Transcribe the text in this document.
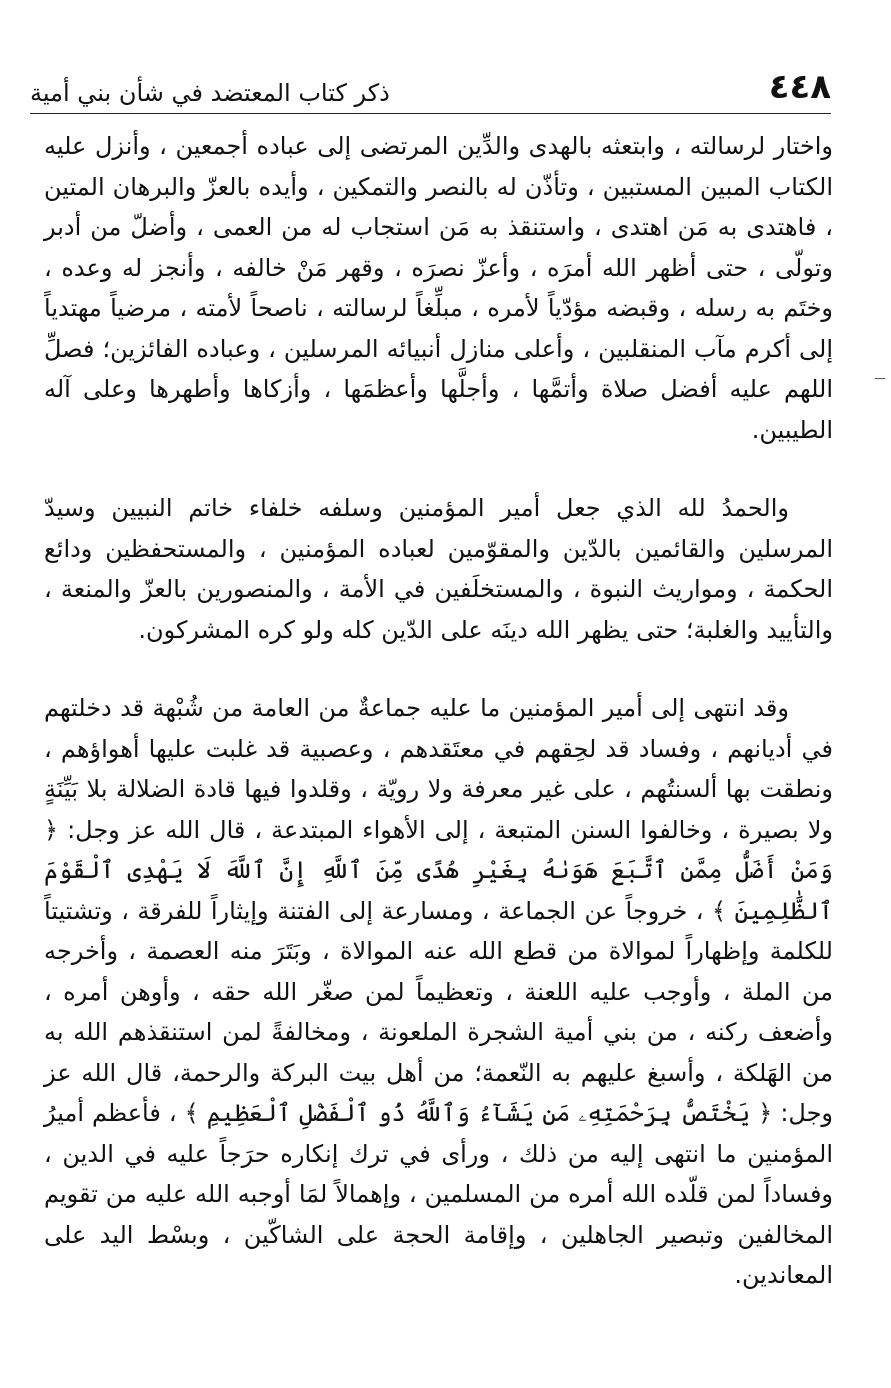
٤٤٨
ذكر كتاب المعتضد في شأن بني أمية

واختار لرسالته ، وابتعثه بالهدى والدِّين المرتضى إلى عباده أجمعين ، وأنزل عليه الكتاب المبين المستبين ، وتأذّن له بالنصر والتمكين ، وأيده بالعزّ والبرهان المتين ، فاهتدى به مَن اهتدى ، واستنقذ به مَن استجاب له من العمى ، وأضلّ من أدبر وتولّى ، حتى أظهر الله أمرَه ، وأعزّ نصرَه ، وقهر مَنْ خالفه ، وأنجز له وعده ، وختَم به رسله ، وقبضه مؤدّياً لأمره ، مبلِّغاً لرسالته ، ناصحاً لأمته ، مرضياً مهتدياً إلى أكرم مآب المنقلبين ، وأعلى منازل أنبيائه المرسلين ، وعباده الفائزين؛ فصلِّ اللهم عليه أفضل صلاة وأتمَّها ، وأجلَّها وأعظمَها ، وأزكاها وأطهرها وعلى آله الطيبين.

والحمدُ لله الذي جعل أمير المؤمنين وسلفه خلفاء خاتم النبيين وسيدّ المرسلين والقائمين بالدّين والمقوّمين لعباده المؤمنين ، والمستحفظين ودائع الحكمة ، ومواريث النبوة ، والمستخلَفين في الأمة ، والمنصورين بالعزّ والمنعة ، والتأييد والغلبة؛ حتى يظهر الله دينَه على الدّين كله ولو كره المشركون.

وقد انتهى إلى أمير المؤمنين ما عليه جماعةٌ من العامة من شُبْهة قد دخلتهم في أديانهم ، وفساد قد لحِقهم في معتَقدهم ، وعصبية قد غلبت عليها أهواؤهم ، ونطقت بها ألسنتُهم ، على غير معرفة ولا رويّة ، وقلدوا فيها قادة الضلالة بلا بَيِّنَةٍ ولا بصيرة ، وخالفوا السنن المتبعة ، إلى الأهواء المبتدعة ، قال الله عز وجل: ﴿ وَمَنْ أَضَلُّ مِمَّنِ ٱتَّبَعَ هَوَىٰهُ بِغَيْرِ هُدًى مِّنَ ٱللَّهِ إِنَّ ٱللَّهَ لَا يَهْدِى ٱلْقَوْمَ ٱلظَّٰلِمِينَ ﴾ ، خروجاً عن الجماعة ، ومسارعة إلى الفتنة وإيثاراً للفرقة ، وتشتيتاً للكلمة وإظهاراً لموالاة من قطع الله عنه الموالاة ، وبَتَرَ منه العصمة ، وأخرجه من الملة ، وأوجب عليه اللعنة ، وتعظيماً لمن صغّر الله حقه ، وأوهن أمره ، وأضعف ركنه ، من بني أمية الشجرة الملعونة ، ومخالفةً لمن استنقذهم الله به من الهَلكة ، وأسبغ عليهم به النّعمة؛ من أهل بيت البركة والرحمة، قال الله عز وجل: ﴿ يَخْتَصُّ بِرَحْمَتِهِۦ مَن يَشَآءُ وَٱللَّهُ ذُو ٱلْفَضْلِ ٱلْعَظِيمِ ﴾ ، فأعظم أميرُ المؤمنين ما انتهى إليه من ذلك ، ورأى في ترك إنكاره حرَجاً عليه في الدين ، وفساداً لمن قلّده الله أمره من المسلمين ، وإهمالاً لمَا أوجبه الله عليه من تقويم المخالفين وتبصير الجاهلين ، وإقامة الحجة على الشاكّين ، وبسْط اليد على المعاندين.
